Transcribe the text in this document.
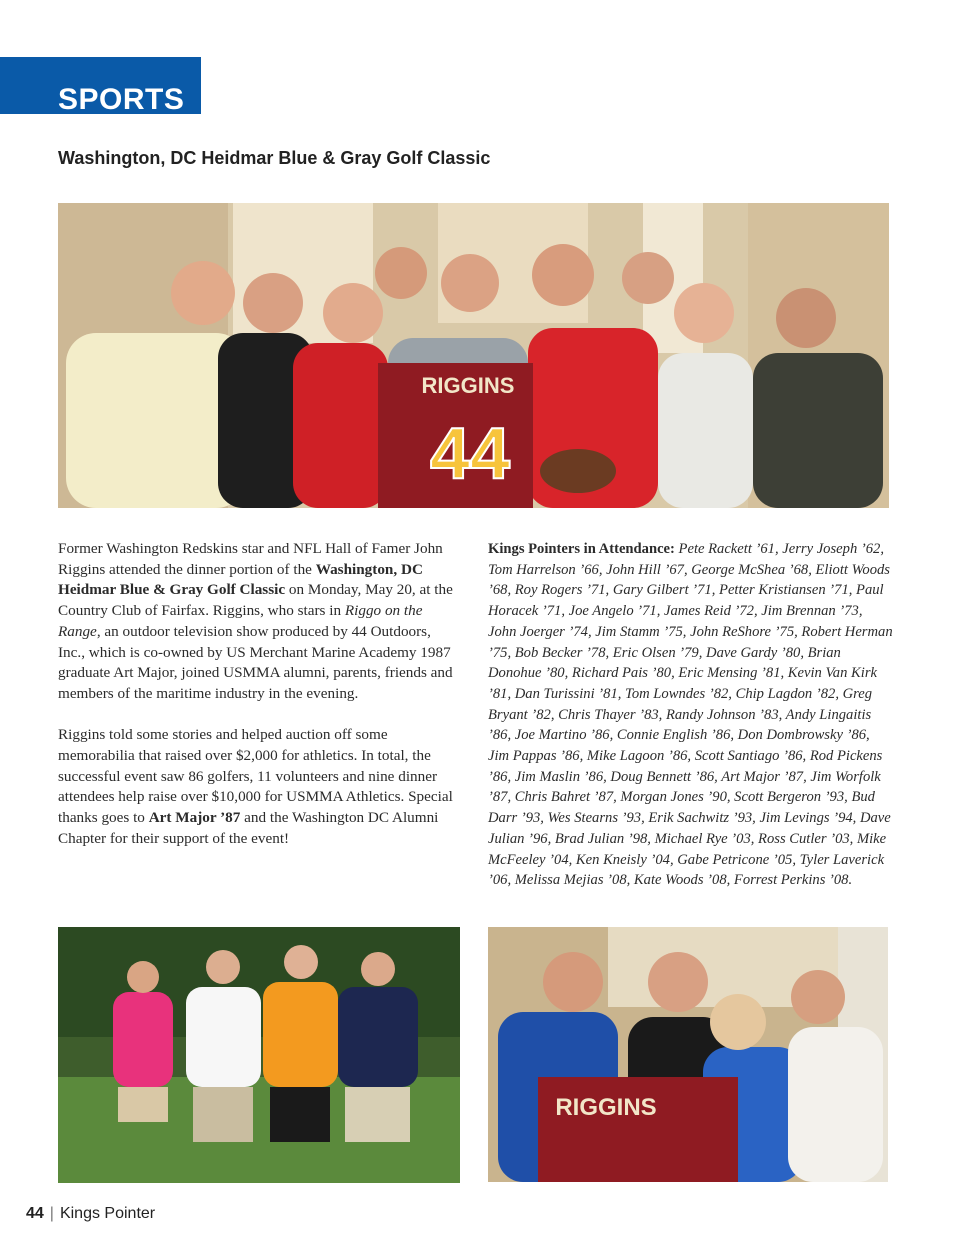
SPORTS
Washington, DC Heidmar Blue & Gray Golf Classic
RIGGINS
44

Former Washington Redskins star and NFL Hall of Famer John Riggins attended the dinner portion of the Washington, DC Heidmar Blue & Gray Golf Classic on Monday, May 20, at the Country Club of Fairfax. Riggins, who stars in Riggo on the Range, an outdoor television show produced by 44 Outdoors, Inc., which is co-owned by US Merchant Marine Academy 1987 graduate Art Major, joined USMMA alumni, parents, friends and members of the maritime industry in the evening.

Riggins told some stories and helped auction off some memorabilia that raised over $2,000 for athletics. In total, the successful event saw 86 golfers, 11 volunteers and nine dinner attendees help raise over $10,000 for USMMA Athletics. Special thanks goes to Art Major ’87 and the Washington DC Alumni Chapter for their support of the event!

Kings Pointers in Attendance: Pete Rackett ’61, Jerry Joseph ’62, Tom Harrelson ’66, John Hill ’67, George McShea ’68, Eliott Woods ’68, Roy Rogers ’71, Gary Gilbert ’71, Petter Kristiansen ’71, Paul Horacek ’71, Joe Angelo ’71, James Reid ’72, Jim Brennan ’73, John Joerger ’74, Jim Stamm ’75, John ReShore ’75, Robert Herman ’75, Bob Becker ’78, Eric Olsen ’79, Dave Gardy ’80, Brian Donohue ’80, Richard Pais ’80, Eric Mensing ’81, Kevin Van Kirk ’81, Dan Turissini ’81, Tom Lowndes ’82, Chip Lagdon ’82, Greg Bryant ’82, Chris Thayer ’83, Randy Johnson ’83, Andy Lingaitis ’86, Joe Martino ’86, Connie English ’86, Don Dombrowsky ’86, Jim Pappas ’86, Mike Lagoon ’86, Scott Santiago ’86, Rod Pickens ’86, Jim Maslin ’86, Doug Bennett ’86, Art Major ’87, Jim Worfolk ’87, Chris Bahret ’87, Morgan Jones ’90, Scott Bergeron ’93, Bud Darr ’93, Wes Stearns ’93, Erik Sachwitz ’93, Jim Levings ’94, Dave Julian ’96, Brad Julian ’98, Michael Rye ’03, Ross Cutler ’03, Mike McFeeley ’04, Ken Kneisly ’04, Gabe Petricone ’05, Tyler Laverick ’06, Melissa Mejias ’08, Kate Woods ’08, Forrest Perkins ’08.
RIGGINS
44 | Kings Pointer
